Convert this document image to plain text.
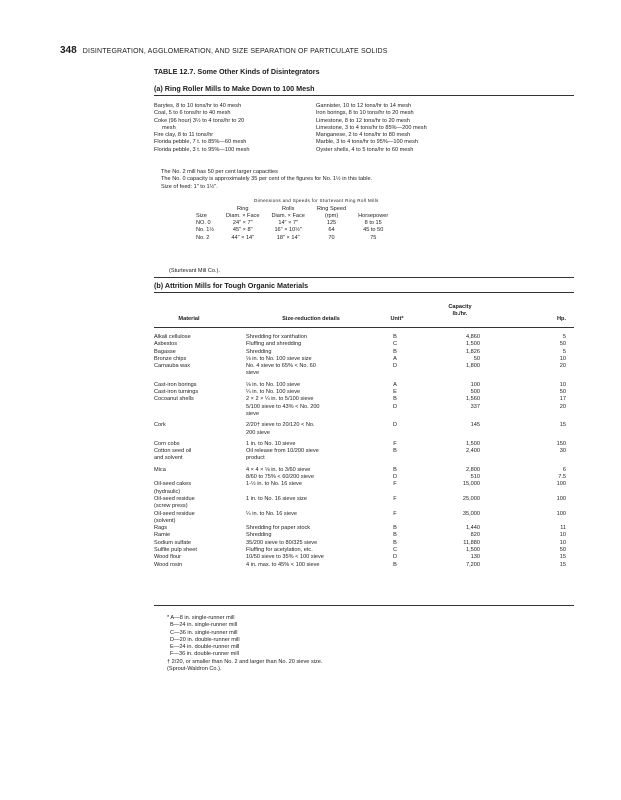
348 DISINTEGRATION, AGGLOMERATION, AND SIZE SEPARATION OF PARTICULATE SOLIDS
TABLE 12.7. Some Other Kinds of Disintegrators
(a) Ring Roller Mills to Make Down to 100 Mesh
Barytes, 8 to 10 tons/hr to 40 mesh
Coal, 5 to 6 tons/hr to 40 mesh
Coke (96 hour) 3½ to 4 tons/hr to 20
mesh
Fire clay, 8 to 11 tons/hr
Florida pebble, 7 t. to 85%—60 mesh
Florida pebble, 3 t. to 95%—100 mesh
Gannister, 10 to 12 tons/hr to 14 mesh
Iron borings, 8 to 10 tons/hr to 20 mesh
Limestone, 8 to 12 tons/hr to 20 mesh
Limestone, 3 to 4 tons/hr to 85%—200 mesh
Manganese, 2 to 4 tons/hr to 80 mesh
Marble, 3 to 4 tons/hr to 95%—100 mesh
Oyster shells, 4 to 5 tons/hr to 60 mesh
The No. 2 mill has 50 per cent larger capacities
The No. 0 capacity is approximately 35 per cent of the figures for No. 1½ in this table.
Size of feed: 1" to 1½".
Dimensions and Speeds for Sturtevant Ring Roll Mills
	Ring	Rolls	Ring Speed	
Size	Diam. × Face	Diam. × Face	(rpm)	Horsepower
NO. 0	24" × 7"	14" × 7"	125	8 to 15
No. 1½	45" × 8"	16" × 10½"	64	45 to 50
No. 2	44" × 14"	18" × 14"	70	75
(Sturtevant Mill Co.).
(b) Attrition Mills for Tough Organic Materials
Material	Size-reduction details	Unit*
Capacity
lb./hr.
Hp.
Alkali cellulose	Shredding for xanthation	B	4,860	5
Asbestos	Fluffing and shredding	C	1,500	50
Bagasse	Shredding	B	1,826	5
Bronze chips	⅛ in. to No. 100 sieve size	A	50	10
Carnauba wax	No. 4 sieve to 65% < No. 60	D	1,800	20
sieve
Cast-iron borings	⅛ in. to No. 100 sieve	A	100	10
Cast-iron turnings	¼ in. to No. 100 sieve	E	500	50
Cocoanut shells	2 × 2 × ¼ in. to 5/100 sieve	B	1,560	17
5/100 sieve to 43% < No. 200	D	337	20
sieve
Cork	2/20† sieve to 20/120 < No.	D	145	15
200 sieve
Corn cobs	1 in. to No. 10 sieve	F	1,500	150
Cotton seed oil	Oil release from 10/200 sieve	B	2,400	30
and solvent	product
Mica	4 × 4 × ⅛ in. to 3/60 sieve	B	2,800	6
8/60 to 75% < 60/200 sieve	D	510	7.5
Oil-seed cakes	1-½ in. to No. 16 sieve	F	15,000	100
(hydraulic)
Oil-seed residue	1 in. to No. 16 sieve size	F	25,000	100
(screw press)
Oil-seed residue	¼ in. to No. 16 sieve	F	35,000	100
(solvent)
Rags	Shredding for paper stock	B	1,440	11
Ramie	Shredding	B	820	10
Sodium sulfate	35/200 sieve to 80/325 sieve	B	11,880	10
Sulfite pulp sheet	Fluffing for acetylation, etc.	C	1,500	50
Wood flour	10/50 sieve to 35% < 100 sieve	D	130	15
Wood rosin	4 in. max. to 45% < 100 sieve	B	7,200	15
* A—8 in. single-runner mill
B—24 in. single-runner mill
C—36 in. single-runner mill
D—20 in. double-runner mill
E—24 in. double-runner mill
F—36 in. double-runner mill
† 2/20, or smaller than No. 2 and larger than No. 20 sieve size.
(Sprout-Waldron Co.).
